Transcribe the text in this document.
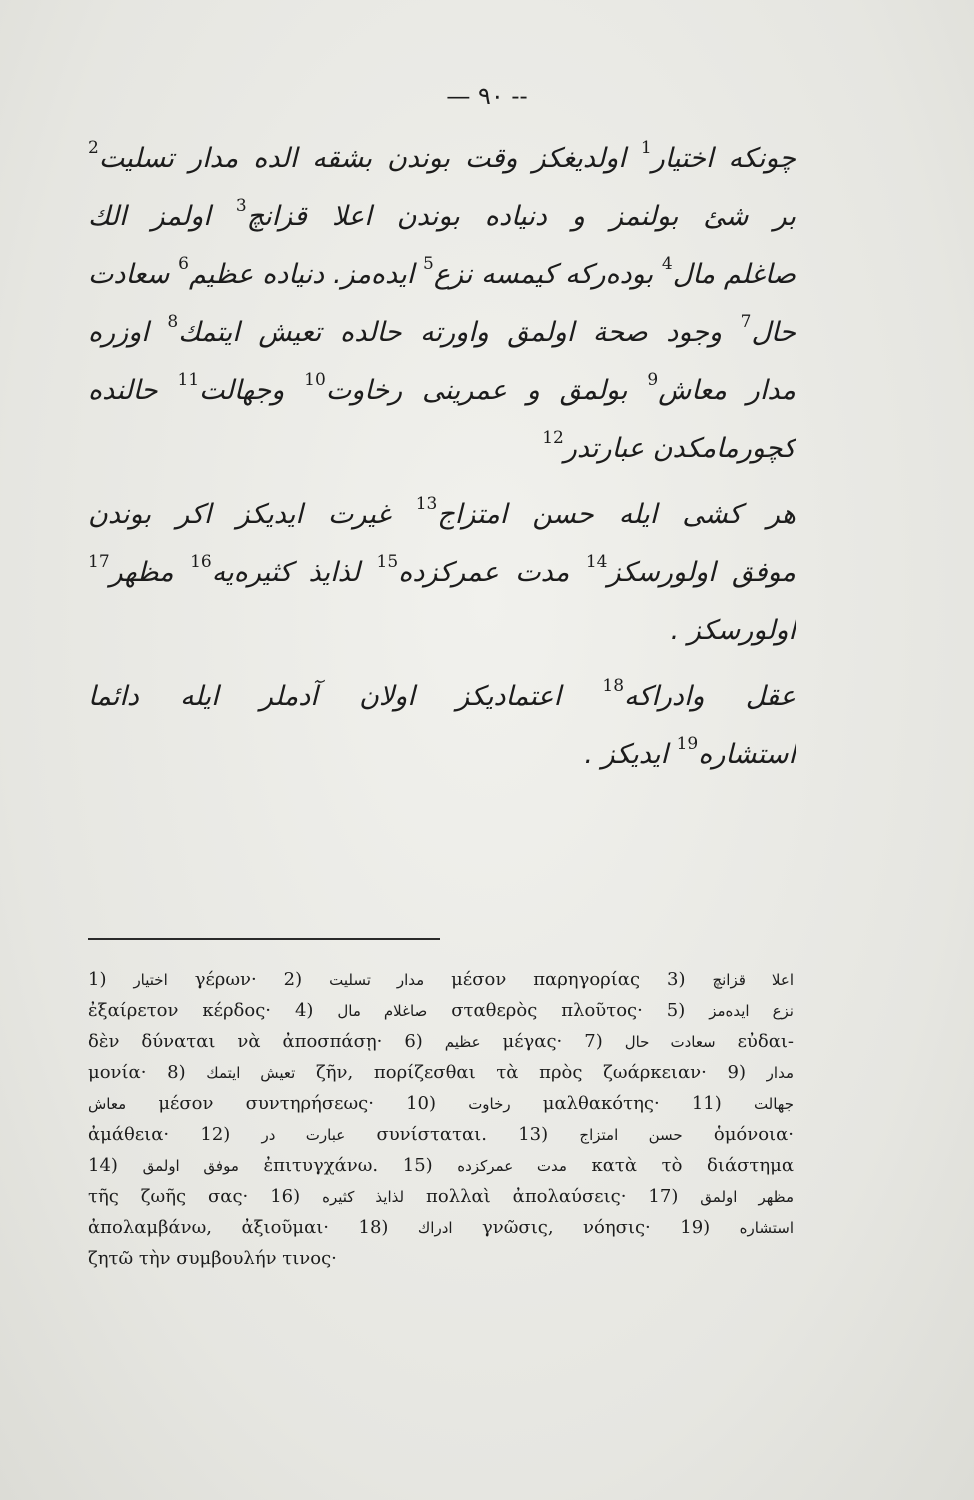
— ٩٠ --
چونکه اختیار$^1$ اولدیغکز وقت بوندن بشقه الده مدار تسلیت$^2$
بر شئ بولنمز و دنیاده بوندن اعلا قزانچ$^3$ اولمز الك
صاغلم مال$^4$ بوده‌رکه کیمسه نزع$^5$ ایده‌مز. دنیاده عظیم$^6$ سعادت
حال$^7$ وجود صحة اولمق واورته حالده تعیش ایتمك$^8$ اوزره
مدار معاش$^9$ بولمق و عمرینی رخاوت$^{10}$ وجهالت$^{11}$ حالنده
کچورمامکدن عبارتدر$^{12}$
هر کشی ایله حسن امتزاج$^{13}$ غیرت ایدیکز اکر بوندن
موفق اولورسکز$^{14}$ مدت عمرکزده$^{15}$ لذایذ کثیره‌یه$^{16}$ مظهر$^{17}$
اولورسکز .
عقل وادراکه$^{18}$ اعتمادیکز اولان آدملر ایله دائما
استشاره$^{19}$ ایدیکز .
1) اختیار γέρων· 2) مدار تسلیت μέσον παρηγορίας 3) اعلا قزانچ
ἐξαίρετον κέρδος· 4) صاغلام مال σταθερὸς πλοῦτος· 5) نزع ایده‌مز
δὲν δύναται νὰ ἀποσπάσῃ· 6) عظیم μέγας· 7) سعادت حال εὐδαι-
μονία· 8) تعیش ایتمك ζῆν, πορίζεσθαι τὰ πρὸς ζωάρκειαν· 9) مدار
معاش μέσον συντηρήσεως· 10) رخاوت μαλθακότης· 11) جهالت
ἀμάθεια· 12) عبارت در συνίσταται. 13) حسن امتزاج ὁμόνοια·
14) موفق اولمق ἐπιτυγχάνω. 15) مدت عمرکزده κατὰ τὸ διάστημα
τῆς ζωῆς σας· 16) لذایذ کثیره πολλαὶ ἀπολαύσεις· 17) مظهر اولمق
ἀπολαμβάνω, ἀξιοῦμαι· 18) ادراك γνῶσις, νόησις· 19) استشاره
ζητῶ τὴν συμβουλήν τινος·
